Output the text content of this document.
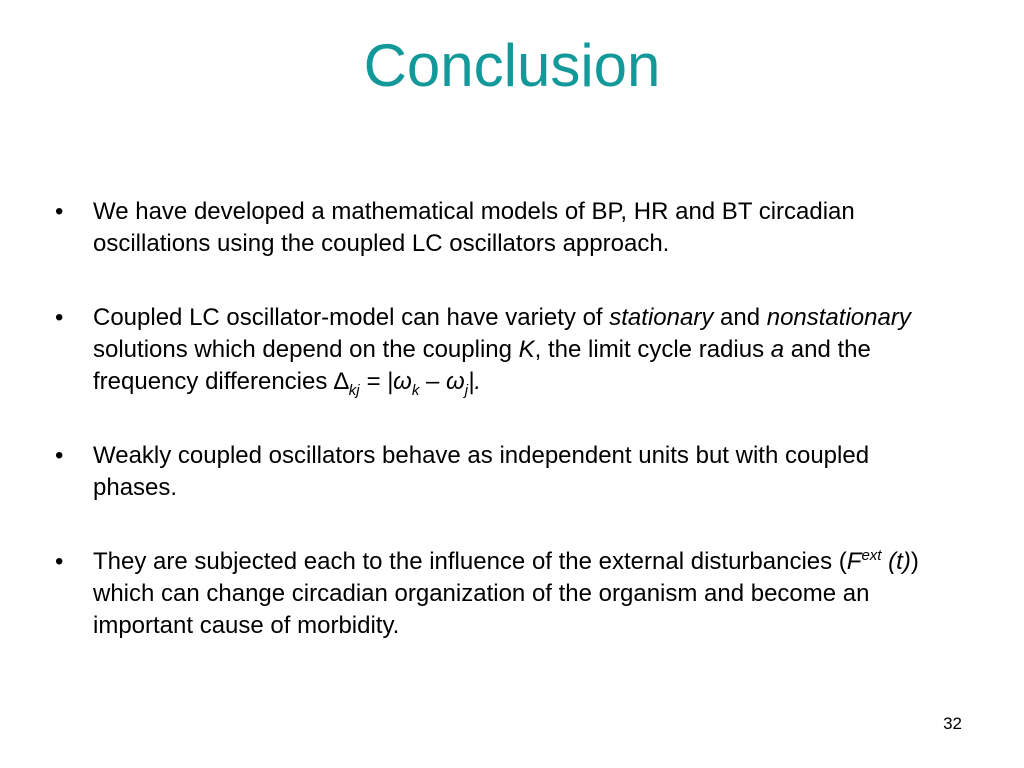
Conclusion
• We have developed a mathematical models of BP, HR and BT circadian oscillations using the coupled LC oscillators approach.
• Coupled LC oscillator-model can have variety of stationary and nonstationary solutions which depend on the coupling K, the limit cycle radius a and the frequency differencies $\Delta_{kj} = |\omega_k - \omega_j|$.
• Weakly coupled oscillators behave as independent units but with coupled phases.
• They are subjected each to the influence of the external disturbancies ($F^{ext}$ (t)) which can change circadian organization of the organism and become an important cause of morbidity.
32
